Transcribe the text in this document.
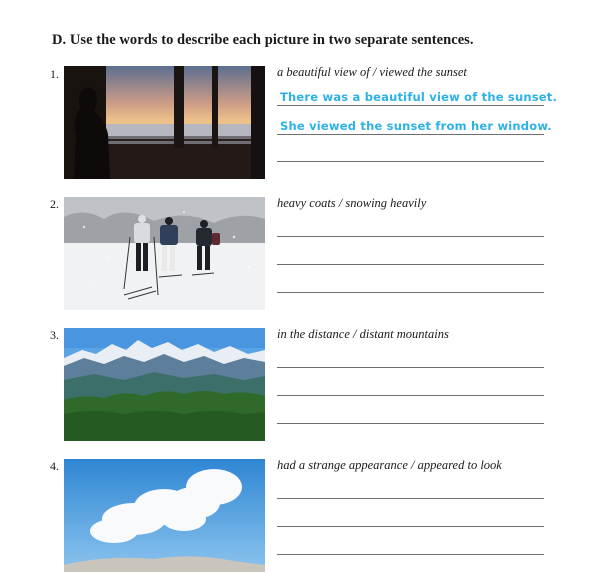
D. Use the words to describe each picture in two separate sentences.
1.	a beautiful view of / viewed the sunset
There was a beautiful view of the sunset.
She viewed the sunset from her window.
2.	heavy coats / snowing heavily
3.	in the distance / distant mountains
4.	had a strange appearance / appeared to look
